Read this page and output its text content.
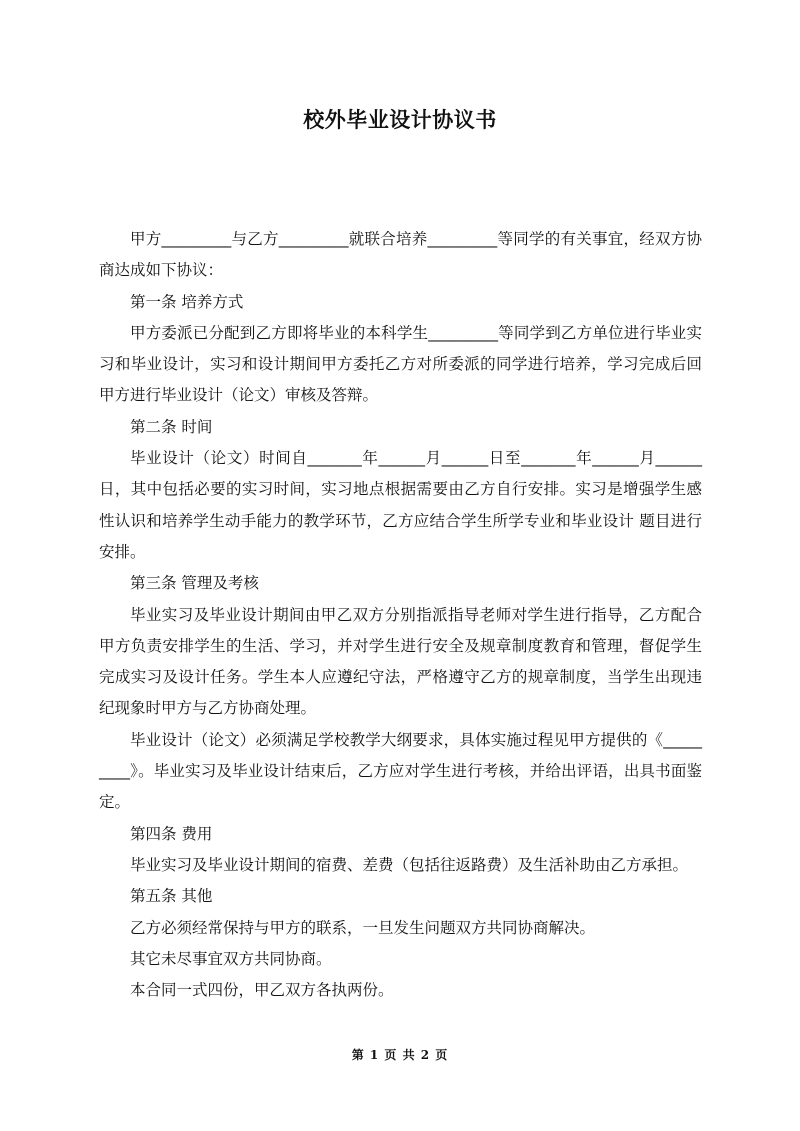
校外毕业设计协议书

甲方_________与乙方_________就联合培养_________等同学的有关事宜，经双方协商达成如下协议：

第一条 培养方式

甲方委派已分配到乙方即将毕业的本科学生_________等同学到乙方单位进行毕业实习和毕业设计，实习和设计期间甲方委托乙方对所委派的同学进行培养，学习完成后回甲方进行毕业设计（论文）审核及答辩。

第二条 时间

毕业设计（论文）时间自_______年______月______日至_______年______月______日，其中包括必要的实习时间，实习地点根据需要由乙方自行安排。实习是增强学生感性认识和培养学生动手能力的教学环节，乙方应结合学生所学专业和毕业设计 题目进行安排。

第三条 管理及考核

毕业实习及毕业设计期间由甲乙双方分别指派指导老师对学生进行指导，乙方配合甲方负责安排学生的生活、学习，并对学生进行安全及规章制度教育和管理，督促学生完成实习及设计任务。学生本人应遵纪守法，严格遵守乙方的规章制度，当学生出现违纪现象时甲方与乙方协商处理。

毕业设计（论文）必须满足学校教学大纲要求，具体实施过程见甲方提供的《_________》。毕业实习及毕业设计结束后，乙方应对学生进行考核，并给出评语，出具书面鉴定。

第四条 费用

毕业实习及毕业设计期间的宿费、差费（包括往返路费）及生活补助由乙方承担。

第五条 其他

乙方必须经常保持与甲方的联系，一旦发生问题双方共同协商解决。

其它未尽事宜双方共同协商。

本合同一式四份，甲乙双方各执两份。

第 1 页 共 2 页
